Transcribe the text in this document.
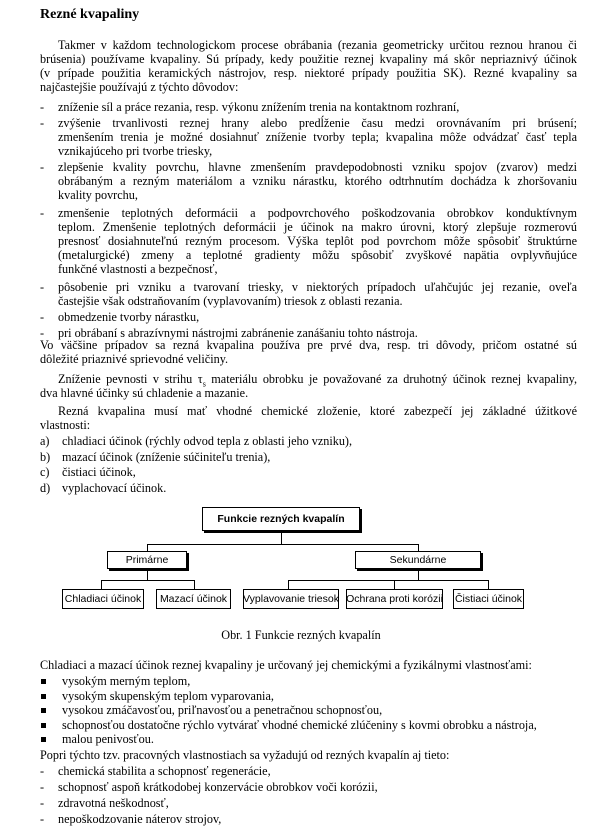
Rezné kvapaliny
Takmer v každom technologickom procese obrábania (rezania geometricky určitou reznou hranou či
brúsenia) používame kvapaliny. Sú prípady, kedy použitie reznej kvapaliny má skôr nepriaznivý účinok
(v prípade použitia keramických nástrojov, resp. niektoré prípady použitia SK). Rezné kvapaliny sa
najčastejšie používajú z týchto dôvodov:
- zníženie síl a práce rezania, resp. výkonu znížením trenia na kontaktnom rozhraní,
- zvýšenie trvanlivosti reznej hrany alebo predĺženie času medzi orovnávaním pri brúsení;
zmenšením trenia je možné dosiahnuť zníženie tvorby tepla; kvapalina môže odvádzať časť tepla
vznikajúceho pri tvorbe triesky,
- zlepšenie kvality povrchu, hlavne zmenšením pravdepodobnosti vzniku spojov (zvarov) medzi
obrábaným a rezným materiálom a vzniku nárastku, ktorého odtrhnutím dochádza k zhoršovaniu
kvality povrchu,
- zmenšenie teplotných deformácii a podpovrchového poškodzovania obrobkov konduktívnym
teplom. Zmenšenie teplotných deformácii je účinok na makro úrovni, ktorý zlepšuje rozmerovú
presnosť dosiahnuteľnú rezným procesom. Výška teplôt pod povrchom môže spôsobiť štruktúrne
(metalurgické) zmeny a teplotné gradienty môžu spôsobiť zvyškové napätia ovplyvňujúce
funkčné vlastnosti a bezpečnosť,
- pôsobenie pri vzniku a tvarovaní triesky, v niektorých prípadoch uľahčujúc jej rezanie, oveľa
častejšie však odstraňovaním (vyplavovaním) triesok z oblasti rezania.
- obmedzenie tvorby nárastku,
- pri obrábaní s abrazívnymi nástrojmi zabránenie zanášaniu tohto nástroja.
Vo väčšine prípadov sa rezná kvapalina používa pre prvé dva, resp. tri dôvody, pričom ostatné sú
dôležité priaznivé sprievodné veličiny.
Zníženie pevnosti v strihu $\tau_s$ materiálu obrobku je považované za druhotný účinok reznej kvapaliny,
dva hlavné účinky sú chladenie a mazanie.
Rezná kvapalina musí mať vhodné chemické zloženie, ktoré zabezpečí jej základné úžitkové
vlastnosti:
a) chladiaci účinok (rýchly odvod tepla z oblasti jeho vzniku),
b) mazací účinok (zníženie súčiniteľu trenia),
c) čistiaci účinok,
d) vyplachovací účinok.
Funkcie rezných kvapalín
Primárne	Sekundárne
Chladiaci účinok	Mazací účinok	Vyplavovanie triesok Ochrana proti korózii Čistiaci účinok
Obr. 1 Funkcie rezných kvapalín
Chladiaci a mazací účinok reznej kvapaliny je určovaný jej chemickými a fyzikálnymi vlastnosťami:
vysokým merným teplom,
vysokým skupenským teplom vyparovania,
vysokou zmáčavosťou, priľnavosťou a penetračnou schopnosťou,
schopnosťou dostatočne rýchlo vytvárať vhodné chemické zlúčeniny s kovmi obrobku a nástroja,
malou penivosťou.
Popri týchto tzv. pracovných vlastnostiach sa vyžadujú od rezných kvapalín aj tieto:
- chemická stabilita a schopnosť regenerácie,
- schopnosť aspoň krátkodobej konzervácie obrobkov voči korózii,
- zdravotná neškodnosť,
- nepoškodzovanie náterov strojov,
